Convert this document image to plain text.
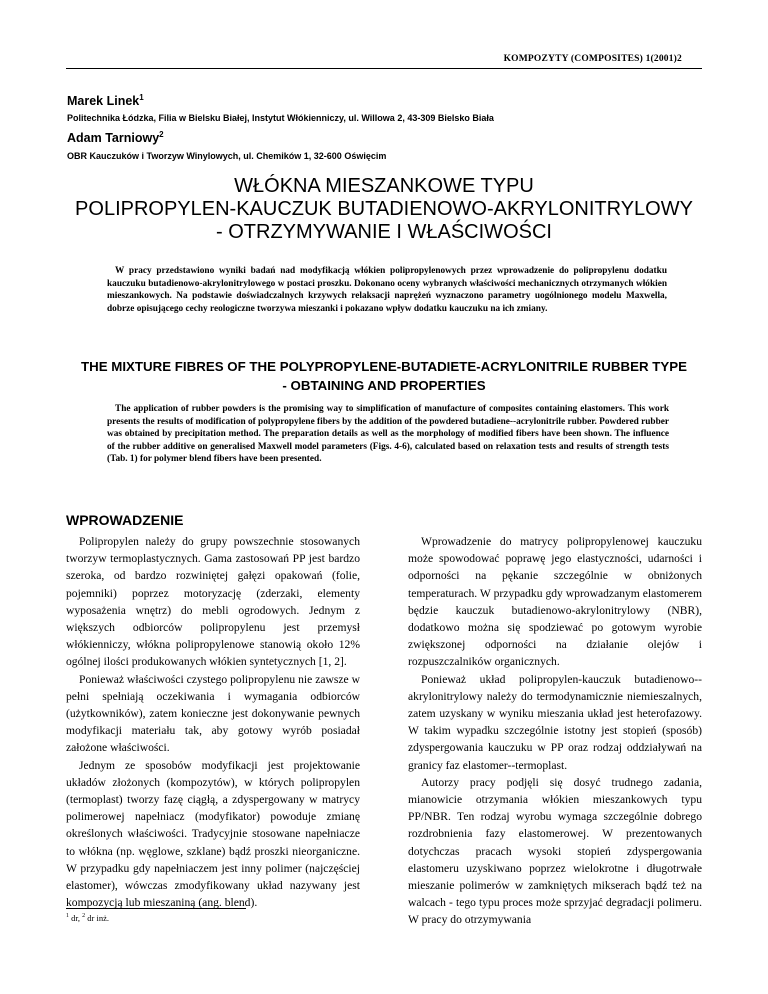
KOMPOZYTY (COMPOSITES) 1(2001)2
Marek Linek$^1$
Politechnika Łódzka, Filia w Bielsku Białej, Instytut Włókienniczy, ul. Willowa 2, 43-309 Bielsko Biała
Adam Tarniowy$^2$
OBR Kauczuków i Tworzyw Winylowych, ul. Chemików 1, 32-600 Oświęcim
WŁÓKNA MIESZANKOWE TYPU
POLIPROPYLEN-KAUCZUK BUTADIENOWO-AKRYLONITRYLOWY
- OTRZYMYWANIE I WŁAŚCIWOŚCI
W pracy przedstawiono wyniki badań nad modyfikacją włókien polipropylenowych przez wprowadzenie do polipropylenu dodatku kauczuku butadienowo-akrylonitrylowego w postaci proszku. Dokonano oceny wybranych właściwości mechanicznych otrzymanych włókien mieszankowych. Na podstawie doświadczalnych krzywych relaksacji naprężeń wyznaczono parametry uogólnionego modelu Maxwella, dobrze opisującego cechy reologiczne tworzywa mieszanki i pokazano wpływ dodatku kauczuku na ich zmiany.
THE MIXTURE FIBRES OF THE POLYPROPYLENE-BUTADIETE-ACRYLONITRILE RUBBER TYPE
- OBTAINING AND PROPERTIES
The application of rubber powders is the promising way to simplification of manufacture of composites containing elastomers. This work presents the results of modification of polypropylene fibers by the addition of the powdered butadiene--acrylonitrile rubber. Powdered rubber was obtained by precipitation method. The preparation details as well as the morphology of modified fibers have been shown. The influence of the rubber additive on generalised Maxwell model parameters (Figs. 4-6), calculated based on relaxation tests and results of strength tests (Tab. 1) for polymer blend fibers have been presented.
WPROWADZENIE

Polipropylen należy do grupy powszechnie stosowanych tworzyw termoplastycznych. Gama zastosowań PP jest bardzo szeroka, od bardzo rozwiniętej gałęzi opakowań (folie, pojemniki) poprzez motoryzację (zderzaki, elementy wyposażenia wnętrz) do mebli ogrodowych. Jednym z większych odbiorców polipropylenu jest przemysł włókienniczy, włókna polipropylenowe stanowią około 12% ogólnej ilości produkowanych włókien syntetycznych [1, 2].

Ponieważ właściwości czystego polipropylenu nie zawsze w pełni spełniają oczekiwania i wymagania odbiorców (użytkowników), zatem konieczne jest dokonywanie pewnych modyfikacji materiału tak, aby gotowy wyrób posiadał założone właściwości.

Jednym ze sposobów modyfikacji jest projektowanie układów złożonych (kompozytów), w których polipropylen (termoplast) tworzy fazę ciągłą, a zdyspergowany w matrycy polimerowej napełniacz (modyfikator) powoduje zmianę określonych właściwości. Tradycyjnie stosowane napełniacze to włókna (np. węglowe, szklane) bądź proszki nieorganiczne. W przypadku gdy napełniaczem jest inny polimer (najczęściej elastomer), wówczas zmodyfikowany układ nazywany jest kompozycją lub mieszaniną (ang. blend).

Wprowadzenie do matrycy polipropylenowej kauczuku może spowodować poprawę jego elastyczności, udarności i odporności na pękanie szczególnie w obniżonych temperaturach. W przypadku gdy wprowadzanym elastomerem będzie kauczuk butadienowo-akrylonitrylowy (NBR), dodatkowo można się spodziewać po gotowym wyrobie zwiększonej odporności na działanie olejów i rozpuszczalników organicznych.

Ponieważ układ polipropylen-kauczuk butadienowo--akrylonitrylowy należy do termodynamicznie niemieszalnych, zatem uzyskany w wyniku mieszania układ jest heterofazowy. W takim wypadku szczególnie istotny jest stopień (sposób) zdyspergowania kauczuku w PP oraz rodzaj oddziaływań na granicy faz elastomer--termoplast.

Autorzy pracy podjęli się dosyć trudnego zadania, mianowicie otrzymania włókien mieszankowych typu PP/NBR. Ten rodzaj wyrobu wymaga szczególnie dobrego rozdrobnienia fazy elastomerowej. W prezentowanych dotychczas pracach wysoki stopień zdyspergowania elastomeru uzyskiwano poprzez wielokrotne i długotrwałe mieszanie polimerów w zamkniętych mikserach bądź też na walcach - tego typu proces może sprzyjać degradacji polimeru. W pracy do otrzymywania

$^1$ dr, $^2$ dr inż.
